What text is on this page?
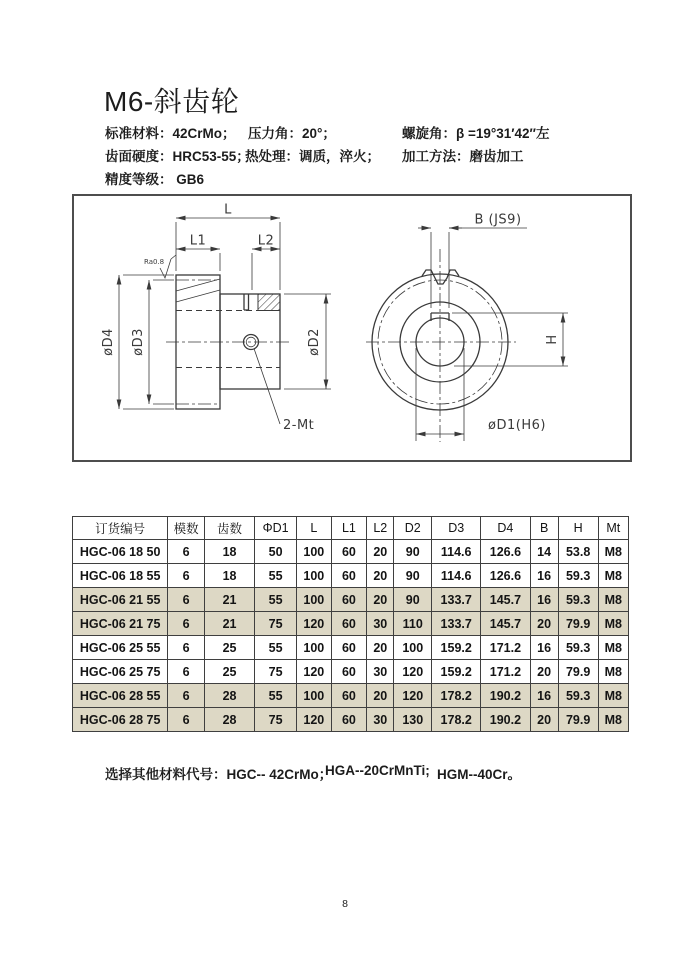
M6-斜齿轮
标准材料：42CrMo； 压力角：20°；	螺旋角：β =19°31′42″左
齿面硬度：HRC53-55；
热处理：调质，淬火； 加工方法：磨齿加工
精度等级： GB6
2-Mt
L
L1	L2
øD4 øD3	øD2
Ra0.8
B (JS9)
H
øD1(H6)
订货编号	模数	齿数	ΦD1	L	L1	L2	D2	D3	D4	B	H	Mt
HGC-06 18 50	6	18	50	100	60	20	90	114.6	126.6	14	53.8	M8
HGC-06 18 55	6	18	55	100	60	20	90	114.6	126.6	16	59.3	M8
HGC-06 21 55	6	21	55	100	60	20	90	133.7	145.7	16	59.3	M8
HGC-06 21 75	6	21	75	120	60	30	110	133.7	145.7	20	79.9	M8
HGC-06 25 55	6	25	55	100	60	20	100	159.2	171.2	16	59.3	M8
HGC-06 25 75	6	25	75	120	60	30	120	159.2	171.2	20	79.9	M8
HGC-06 28 55	6	28	55	100	60	20	120	178.2	190.2	16	59.3	M8
HGC-06 28 75	6	28	75	120	60	30	130	178.2	190.2	20	79.9	M8
选择其他材料代号：HGC-- 42CrMo；
HGA--20CrMnTi; HGM--40Cr。
8
